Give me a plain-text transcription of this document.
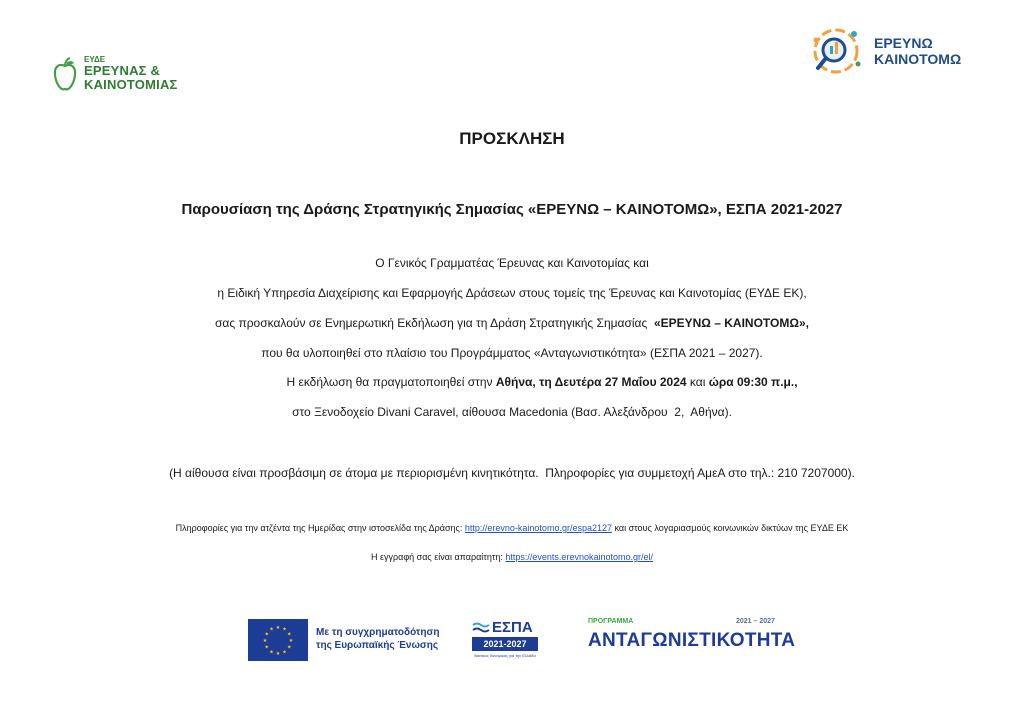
ΕΥΔΕ
ΕΡΕΥΝΑΣ &
ΚΑΙΝΟΤΟΜΙΑΣ
ΕΡΕΥΝΩ
ΚΑΙΝΟΤΟΜΩ
ΠΡΟΣΚΛΗΣΗ
Παρουσίαση της Δράσης Στρατηγικής Σημασίας «ΕΡΕΥΝΩ – ΚΑΙΝΟΤΟΜΩ», ΕΣΠΑ 2021-2027
Ο Γενικός Γραμματέας Έρευνας και Καινοτομίας και
η Ειδική Υπηρεσία Διαχείρισης και Εφαρμογής Δράσεων στους τομείς της Έρευνας και Καινοτομίας (ΕΥΔΕ ΕΚ),
σας προσκαλούν σε Ενημερωτική Εκδήλωση για τη Δράση Στρατηγικής Σημασίας  «ΕΡΕΥΝΩ – ΚΑΙΝΟΤΟΜΩ»,
που θα υλοποιηθεί στο πλαίσιο του Προγράμματος «Ανταγωνιστικότητα» (ΕΣΠΑ 2021 – 2027).
Η εκδήλωση θα πραγματοποιηθεί στην Αθήνα, τη Δευτέρα 27 Μαΐου 2024 και ώρα 09:30 π.μ.,
στο Ξενοδοχείο Divani Caravel, αίθουσα Macedonia (Βασ. Αλεξάνδρου  2,  Αθήνα).
(Η αίθουσα είναι προσβάσιμη σε άτομα με περιορισμένη κινητικότητα.  Πληροφορίες για συμμετοχή ΑμεΑ στο τηλ.: 210 7207000).
Πληροφορίες για την ατζέντα της Ημερίδας στην ιστοσελίδα της Δράσης: http://erevno-kainotomo.gr/espa2127 και στους λογαριασμούς κοινωνικών δικτύων της ΕΥΔΕ ΕΚ
Η εγγραφή σας είναι απαραίτητη: https://events.erevnokainotomo.gr/el/
★ ★
★
★
★
★
★
★
★
★
★
★	Με τη συγχρηματοδότηση
της Ευρωπαϊκής Ένωσης
ΕΣΠΑ
2021-2027
Βασικός δυναμικός για την Ελλάδα
ΠΡΟΓΡΑΜΜΑ	2021 – 2027
ΑΝΤΑΓΩΝΙΣΤΙΚΟΤΗΤΑ
